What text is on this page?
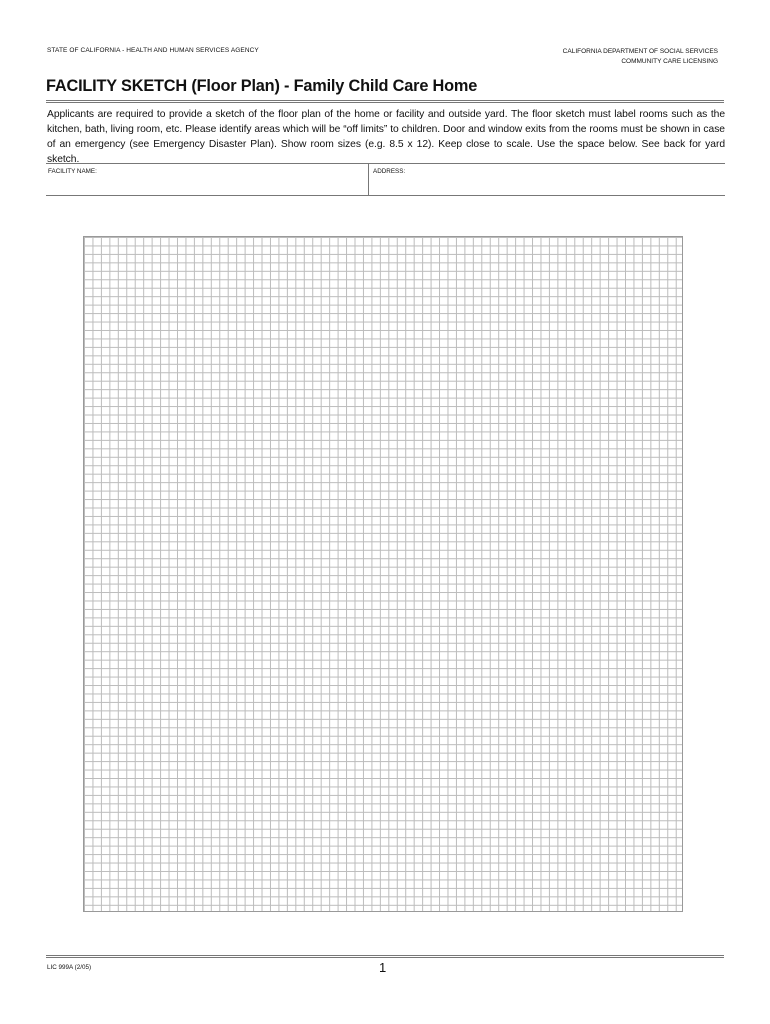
STATE OF CALIFORNIA - HEALTH AND HUMAN SERVICES AGENCY	CALIFORNIA DEPARTMENT OF SOCIAL SERVICES
COMMUNITY CARE LICENSING
FACILITY SKETCH (Floor Plan) - Family Child Care Home
Applicants are required to provide a sketch of the floor plan of the home or facility and outside yard. The floor sketch must label rooms such as the kitchen, bath, living room, etc. Please identify areas which will be “off limits” to children. Door and window exits from the rooms must be shown in case of an emergency (see Emergency Disaster Plan). Show room sizes (e.g. 8.5 x 12). Keep close to scale. Use the space below. See back for yard sketch.
FACILITY NAME:	ADDRESS:
LIC 999A (2/05)	1
